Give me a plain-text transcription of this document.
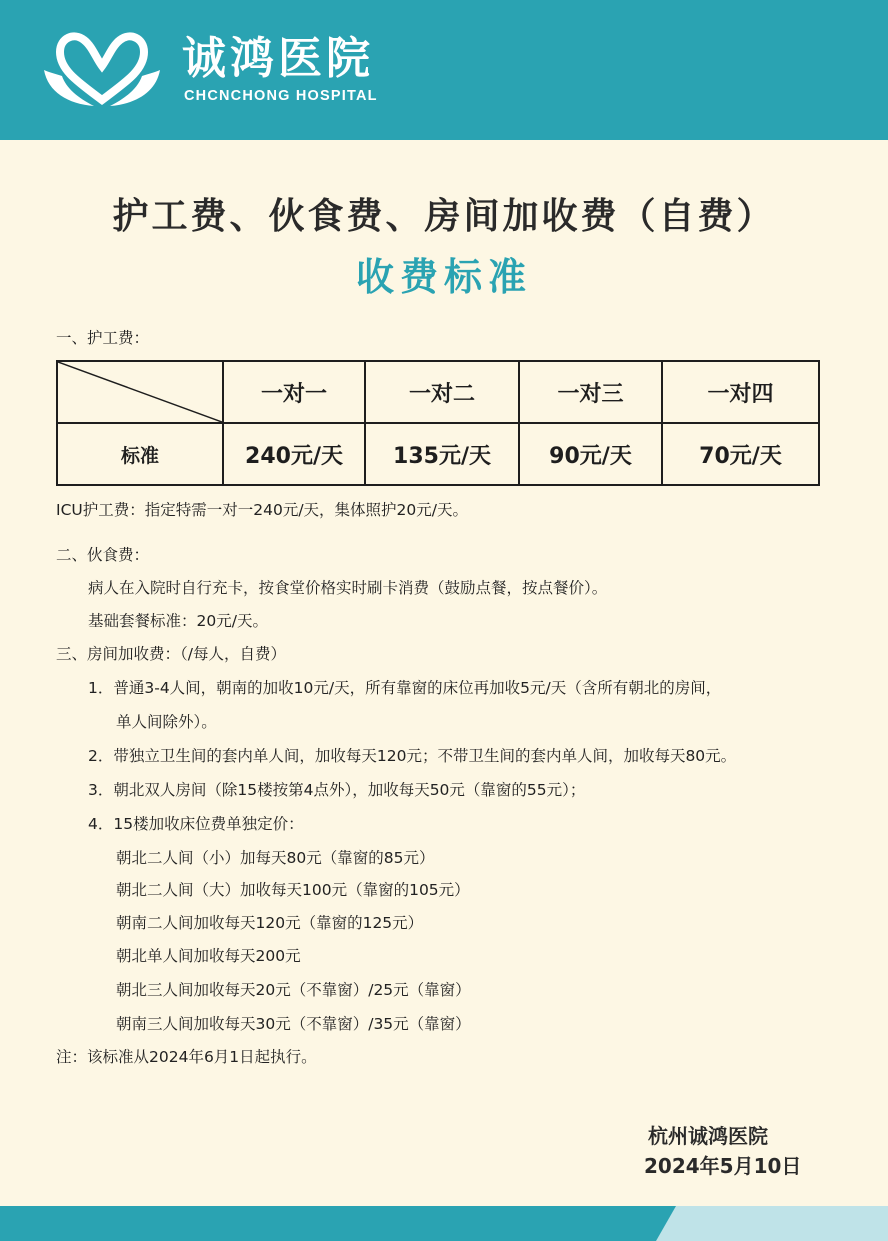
诚鸿医院
CHCNCHONG HOSPITAL
护工费、伙食费、房间加收费（自费）
收费标准
一、护工费：
	一对一	一对二	一对三	一对四
标准	240元/天	135元/天	90元/天	70元/天
ICU护工费：指定特需一对一240元/天，集体照护20元/天。
二、伙食费：
病人在入院时自行充卡，按食堂价格实时刷卡消费（鼓励点餐，按点餐价）。
基础套餐标准：20元/天。
三、房间加收费：（/每人，自费）
1．普通3-4人间，朝南的加收10元/天，所有靠窗的床位再加收5元/天（含所有朝北的房间，
单人间除外）。
2．带独立卫生间的套内单人间，加收每天120元；不带卫生间的套内单人间，加收每天80元。
3．朝北双人房间（除15楼按第4点外），加收每天50元（靠窗的55元）；
4．15楼加收床位费单独定价：
朝北二人间（小）加每天80元（靠窗的85元）
朝北二人间（大）加收每天100元（靠窗的105元）
朝南二人间加收每天120元（靠窗的125元）
朝北单人间加收每天200元
朝北三人间加收每天20元（不靠窗）/25元（靠窗）
朝南三人间加收每天30元（不靠窗）/35元（靠窗）
注：该标准从2024年6月1日起执行。
杭州诚鸿医院
2024年5月10日
